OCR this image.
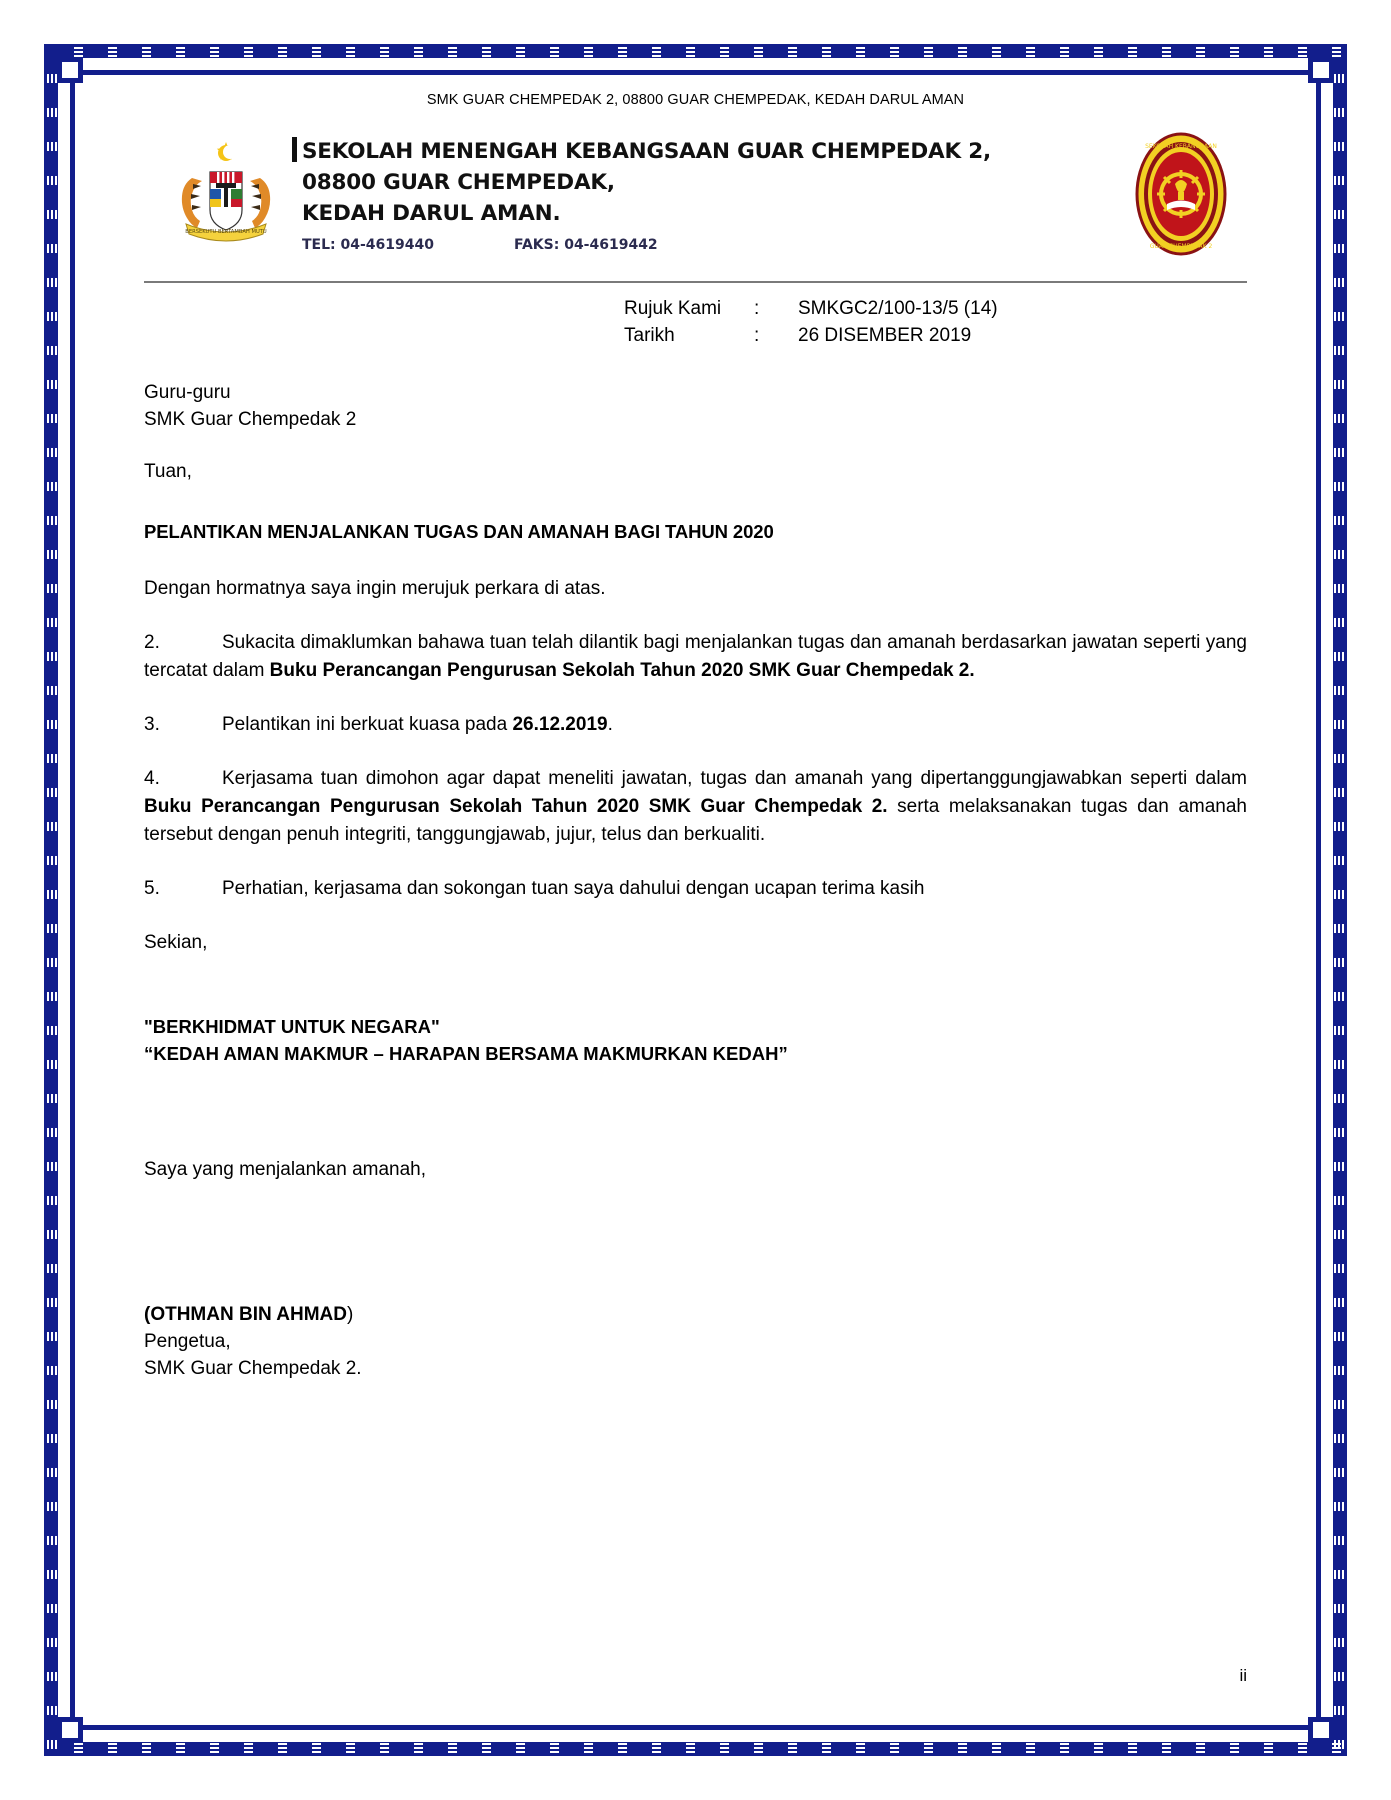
SMK GUAR CHEMPEDAK 2, 08800 GUAR CHEMPEDAK, KEDAH DARUL AMAN
BERSEKUTU BERTAMBAH MUTU
SEKOLAH MENENGAH KEBANGSAAN GUAR CHEMPEDAK 2,
08800 GUAR CHEMPEDAK,
KEDAH DARUL AMAN.
TEL: 04-4619440	FAKS: 04-4619442
SEKOLAH KEBANGSAAN
GUAR CHEMPEDAK 2
Rujuk Kami	:	SMKGC2/100-13/5 (14)
Tarikh	:	26 DISEMBER 2019
Guru-guru
SMK Guar Chempedak 2
Tuan,
PELANTIKAN MENJALANKAN TUGAS DAN AMANAH BAGI TAHUN 2020
Dengan hormatnya saya ingin merujuk perkara di atas.
2.	Sukacita dimaklumkan bahawa tuan telah dilantik bagi menjalankan tugas dan amanah berdasarkan jawatan seperti yang tercatat dalam Buku Perancangan Pengurusan Sekolah Tahun 2020 SMK Guar Chempedak 2.
3.	Pelantikan ini berkuat kuasa pada 26.12.2019.
4.	Kerjasama tuan dimohon agar dapat meneliti jawatan, tugas dan amanah yang dipertanggungjawabkan seperti dalam Buku Perancangan Pengurusan Sekolah Tahun 2020 SMK Guar Chempedak 2. serta melaksanakan tugas dan amanah tersebut dengan penuh integriti, tanggungjawab, jujur, telus dan berkualiti.
5.	Perhatian, kerjasama dan sokongan tuan saya dahului dengan ucapan terima kasih
Sekian,
"BERKHIDMAT UNTUK NEGARA"
“KEDAH AMAN MAKMUR – HARAPAN BERSAMA MAKMURKAN KEDAH”
Saya yang menjalankan amanah,
(OTHMAN BIN AHMAD)
Pengetua,
SMK Guar Chempedak 2.
ii
